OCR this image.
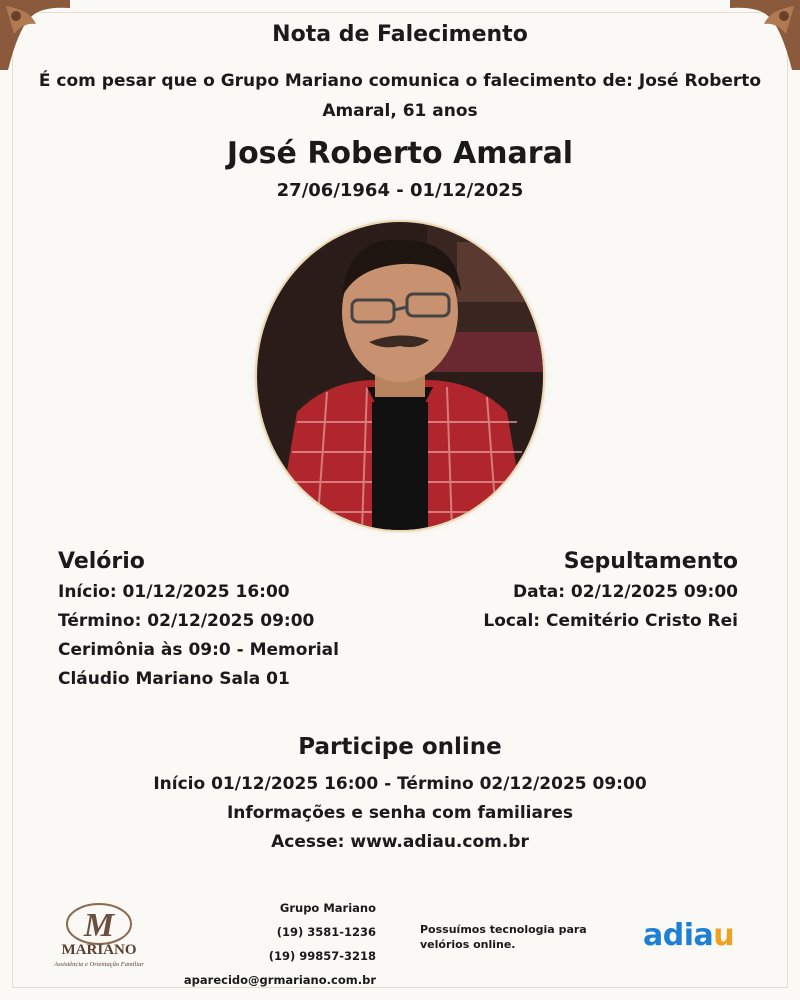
Nota de Falecimento
É com pesar que o Grupo Mariano comunica o falecimento de: José Roberto Amaral, 61 anos
José Roberto Amaral
27/06/1964 - 01/12/2025
Velório
Início: 01/12/2025 16:00
Término: 02/12/2025 09:00
Cerimônia às 09:0 - Memorial
Cláudio Mariano Sala 01
Sepultamento
Data: 02/12/2025 09:00
Local: Cemitério Cristo Rei
Participe online
Início 01/12/2025 16:00 - Término 02/12/2025 09:00
Informações e senha com familiares
Acesse: www.adiau.com.br
M
MARIANO
Assistência e Orientação Familiar
Grupo Mariano
(19) 3581-1236
(19) 99857-3218
aparecido@grmariano.com.br
Possuímos tecnologia para velórios online.	adiau
